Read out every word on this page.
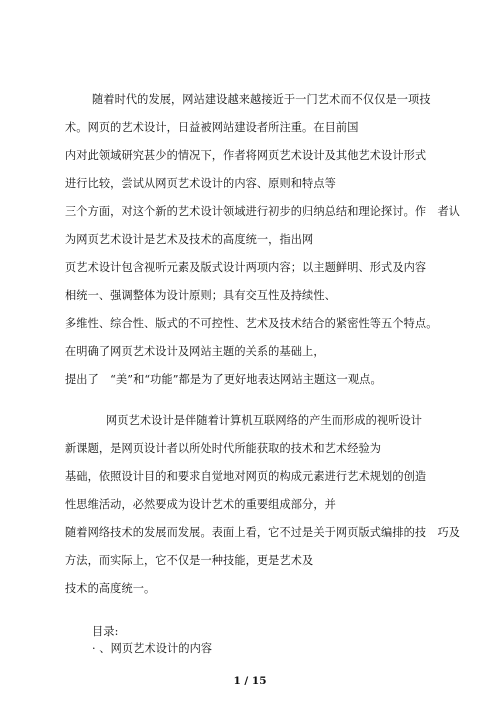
随着时代的发展，网站建设越来越接近于一门艺术而不仅仅是一项技
术。网页的艺术设计，日益被网站建设者所注重。在目前国
内对此领域研究甚少的情况下，作者将网页艺术设计及其他艺术设计形式
进行比较，尝试从网页艺术设计的内容、原则和特点等
三个方面，对这个新的艺术设计领域进行初步的归纳总结和理论探讨。作　者认
为网页艺术设计是艺术及技术的高度统一，指出网
页艺术设计包含视听元素及版式设计两项内容；以主题鲜明、形式及内容
相统一、强调整体为设计原则；具有交互性及持续性、
多维性、综合性、版式的不可控性、艺术及技术结合的紧密性等五个特点。
在明确了网页艺术设计及网站主题的关系的基础上，
提出了　“美”和“功能”都是为了更好地表达网站主题这一观点。
网页艺术设计是伴随着计算机互联网络的产生而形成的视听设计
新课题，是网页设计者以所处时代所能获取的技术和艺术经验为
基础，依照设计目的和要求自觉地对网页的构成元素进行艺术规划的创造
性思维活动，必然要成为设计艺术的重要组成部分，并
随着网络技术的发展而发展。表面上看，它不过是关于网页版式编排的技　巧及
方法，而实际上，它不仅是一种技能，更是艺术及
技术的高度统一。
目录:
· 、网页艺术设计的内容
1 / 15
